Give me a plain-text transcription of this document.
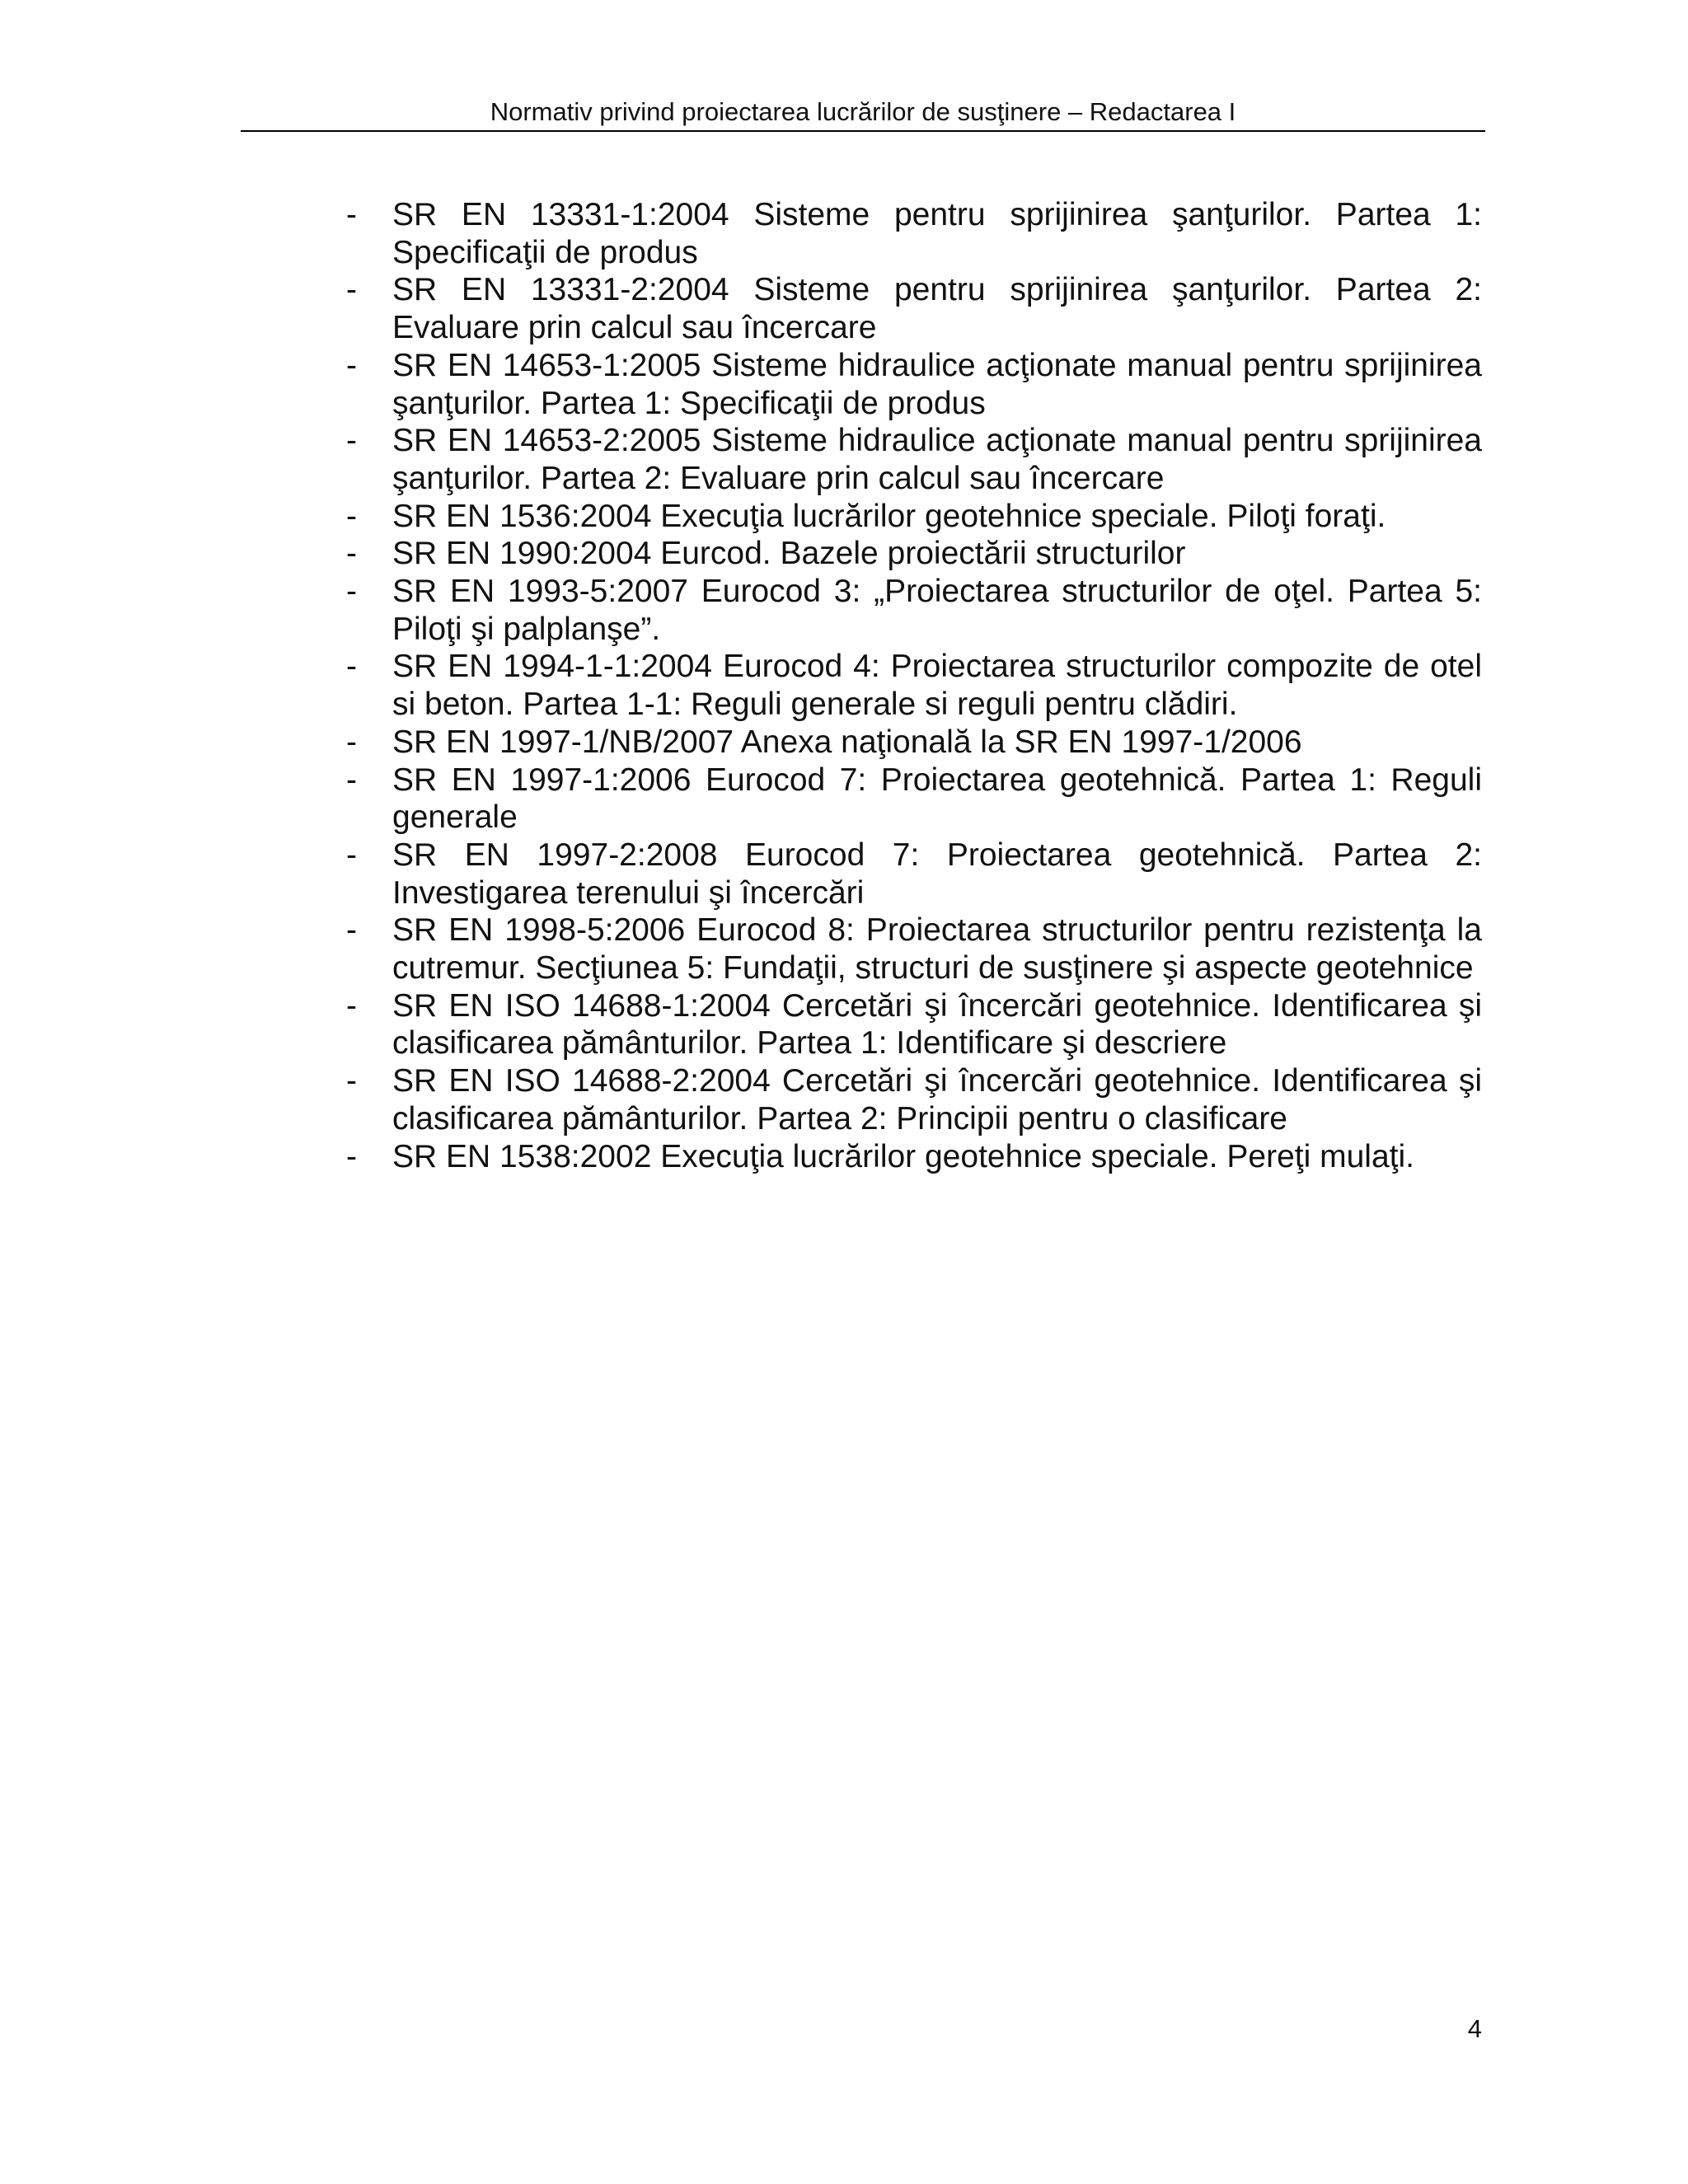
Normativ privind proiectarea lucrărilor de susţinere – Redactarea I
- SR EN 13331-1:2004 Sisteme pentru sprijinirea şanţurilor. Partea 1: Specificaţii de produs
- SR EN 13331-2:2004 Sisteme pentru sprijinirea şanţurilor. Partea 2: Evaluare prin calcul sau încercare
- SR EN 14653-1:2005 Sisteme hidraulice acţionate manual pentru sprijinirea şanţurilor. Partea 1: Specificaţii de produs
- SR EN 14653-2:2005 Sisteme hidraulice acţionate manual pentru sprijinirea şanţurilor. Partea 2: Evaluare prin calcul sau încercare
- SR EN 1536:2004 Execuţia lucrărilor geotehnice speciale. Piloţi foraţi.
- SR EN 1990:2004 Eurcod. Bazele proiectării structurilor
- SR EN 1993-5:2007 Eurocod 3: „Proiectarea structurilor de oţel. Partea 5: Piloţi şi palplanşe”.
- SR EN 1994-1-1:2004 Eurocod 4: Proiectarea structurilor compozite de otel si beton. Partea 1-1: Reguli generale si reguli pentru clădiri.
- SR EN 1997-1/NB/2007 Anexa naţională la SR EN 1997-1/2006
- SR EN 1997-1:2006 Eurocod 7: Proiectarea geotehnică. Partea 1: Reguli generale
- SR EN 1997-2:2008 Eurocod 7: Proiectarea geotehnică. Partea 2: Investigarea terenului şi încercări
- SR EN 1998-5:2006 Eurocod 8: Proiectarea structurilor pentru rezistenţa la cutremur. Secţiunea 5: Fundaţii, structuri de susţinere şi aspecte geotehnice
- SR EN ISO 14688-1:2004 Cercetări şi încercări geotehnice. Identificarea şi clasificarea pământurilor. Partea 1: Identificare şi descriere
- SR EN ISO 14688-2:2004 Cercetări şi încercări geotehnice. Identificarea şi clasificarea pământurilor. Partea 2: Principii pentru o clasificare
- SR EN 1538:2002 Execuţia lucrărilor geotehnice speciale. Pereţi mulaţi.
4
